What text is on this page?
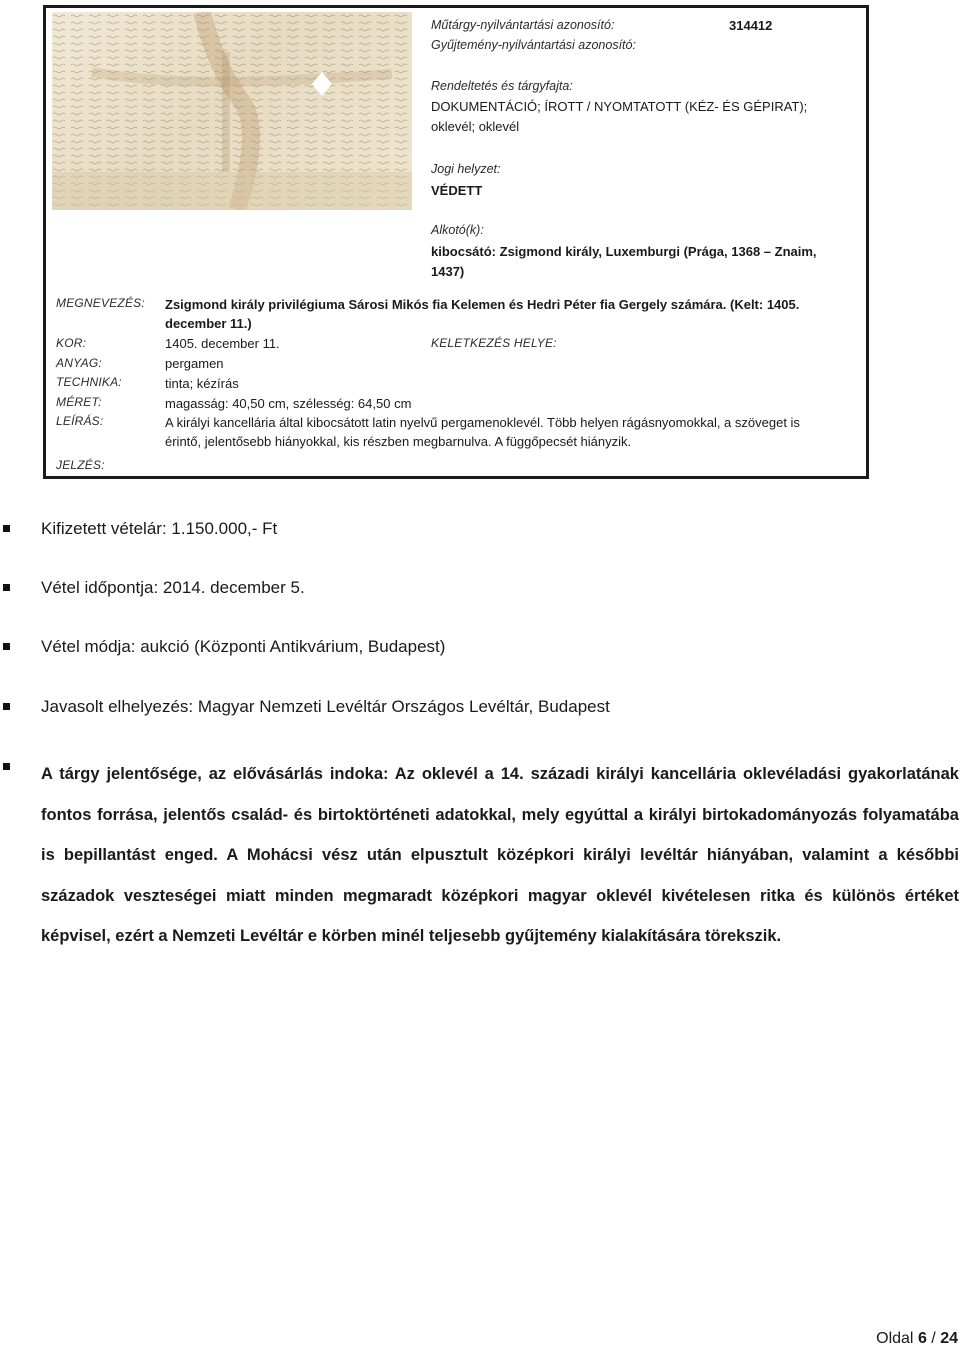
Műtárgy-nyilvántartási azonosító:	314412
Gyűjtemény-nyilvántartási azonosító:
Rendeltetés és tárgyfajta:
DOKUMENTÁCIÓ; ÍROTT / NYOMTATOTT (KÉZ- ÉS GÉPIRAT);
oklevél; oklevél
Jogi helyzet:
VÉDETT
Alkotó(k):
kibocsátó: Zsigmond király, Luxemburgi (Prága, 1368 – Znaim,
1437)
MEGNEVEZÉS: Zsigmond király privilégiuma Sárosi Mikós fia Kelemen és Hedri Péter fia Gergely számára. (Kelt: 1405.
december 11.)
KOR:	1405. december 11.	KELETKEZÉS HELYE:
ANYAG:	pergamen
TECHNIKA:	tinta; kézírás
MÉRET:	magasság: 40,50 cm, szélesség: 64,50 cm
LEÍRÁS:	A királyi kancellária által kibocsátott latin nyelvű pergamenoklevél. Több helyen rágásnyomokkal, a szöveget is
érintő, jelentősebb hiányokkal, kis részben megbarnulva. A függőpecsét hiányzik.
JELZÉS:
Kifizetett vételár: 1.150.000,- Ft
Vétel időpontja: 2014. december 5.
Vétel módja: aukció (Központi Antikvárium, Budapest)
Javasolt elhelyezés: Magyar Nemzeti Levéltár Országos Levéltár, Budapest
A tárgy jelentősége, az elővásárlás indoka: Az oklevél a 14. századi királyi kancellária oklevéladási gyakorlatának fontos forrása, jelentős család- és birtoktörténeti adatokkal, mely egyúttal a királyi birtokadományozás folyamatába is bepillantást enged. A Mohácsi vész után elpusztult középkori királyi levéltár hiányában, valamint a későbbi századok veszteségei miatt minden megmaradt középkori magyar oklevél kivételesen ritka és különös értéket képvisel, ezért a Nemzeti Levéltár e körben minél teljesebb gyűjtemény kialakítására törekszik.
Oldal 6 / 24
